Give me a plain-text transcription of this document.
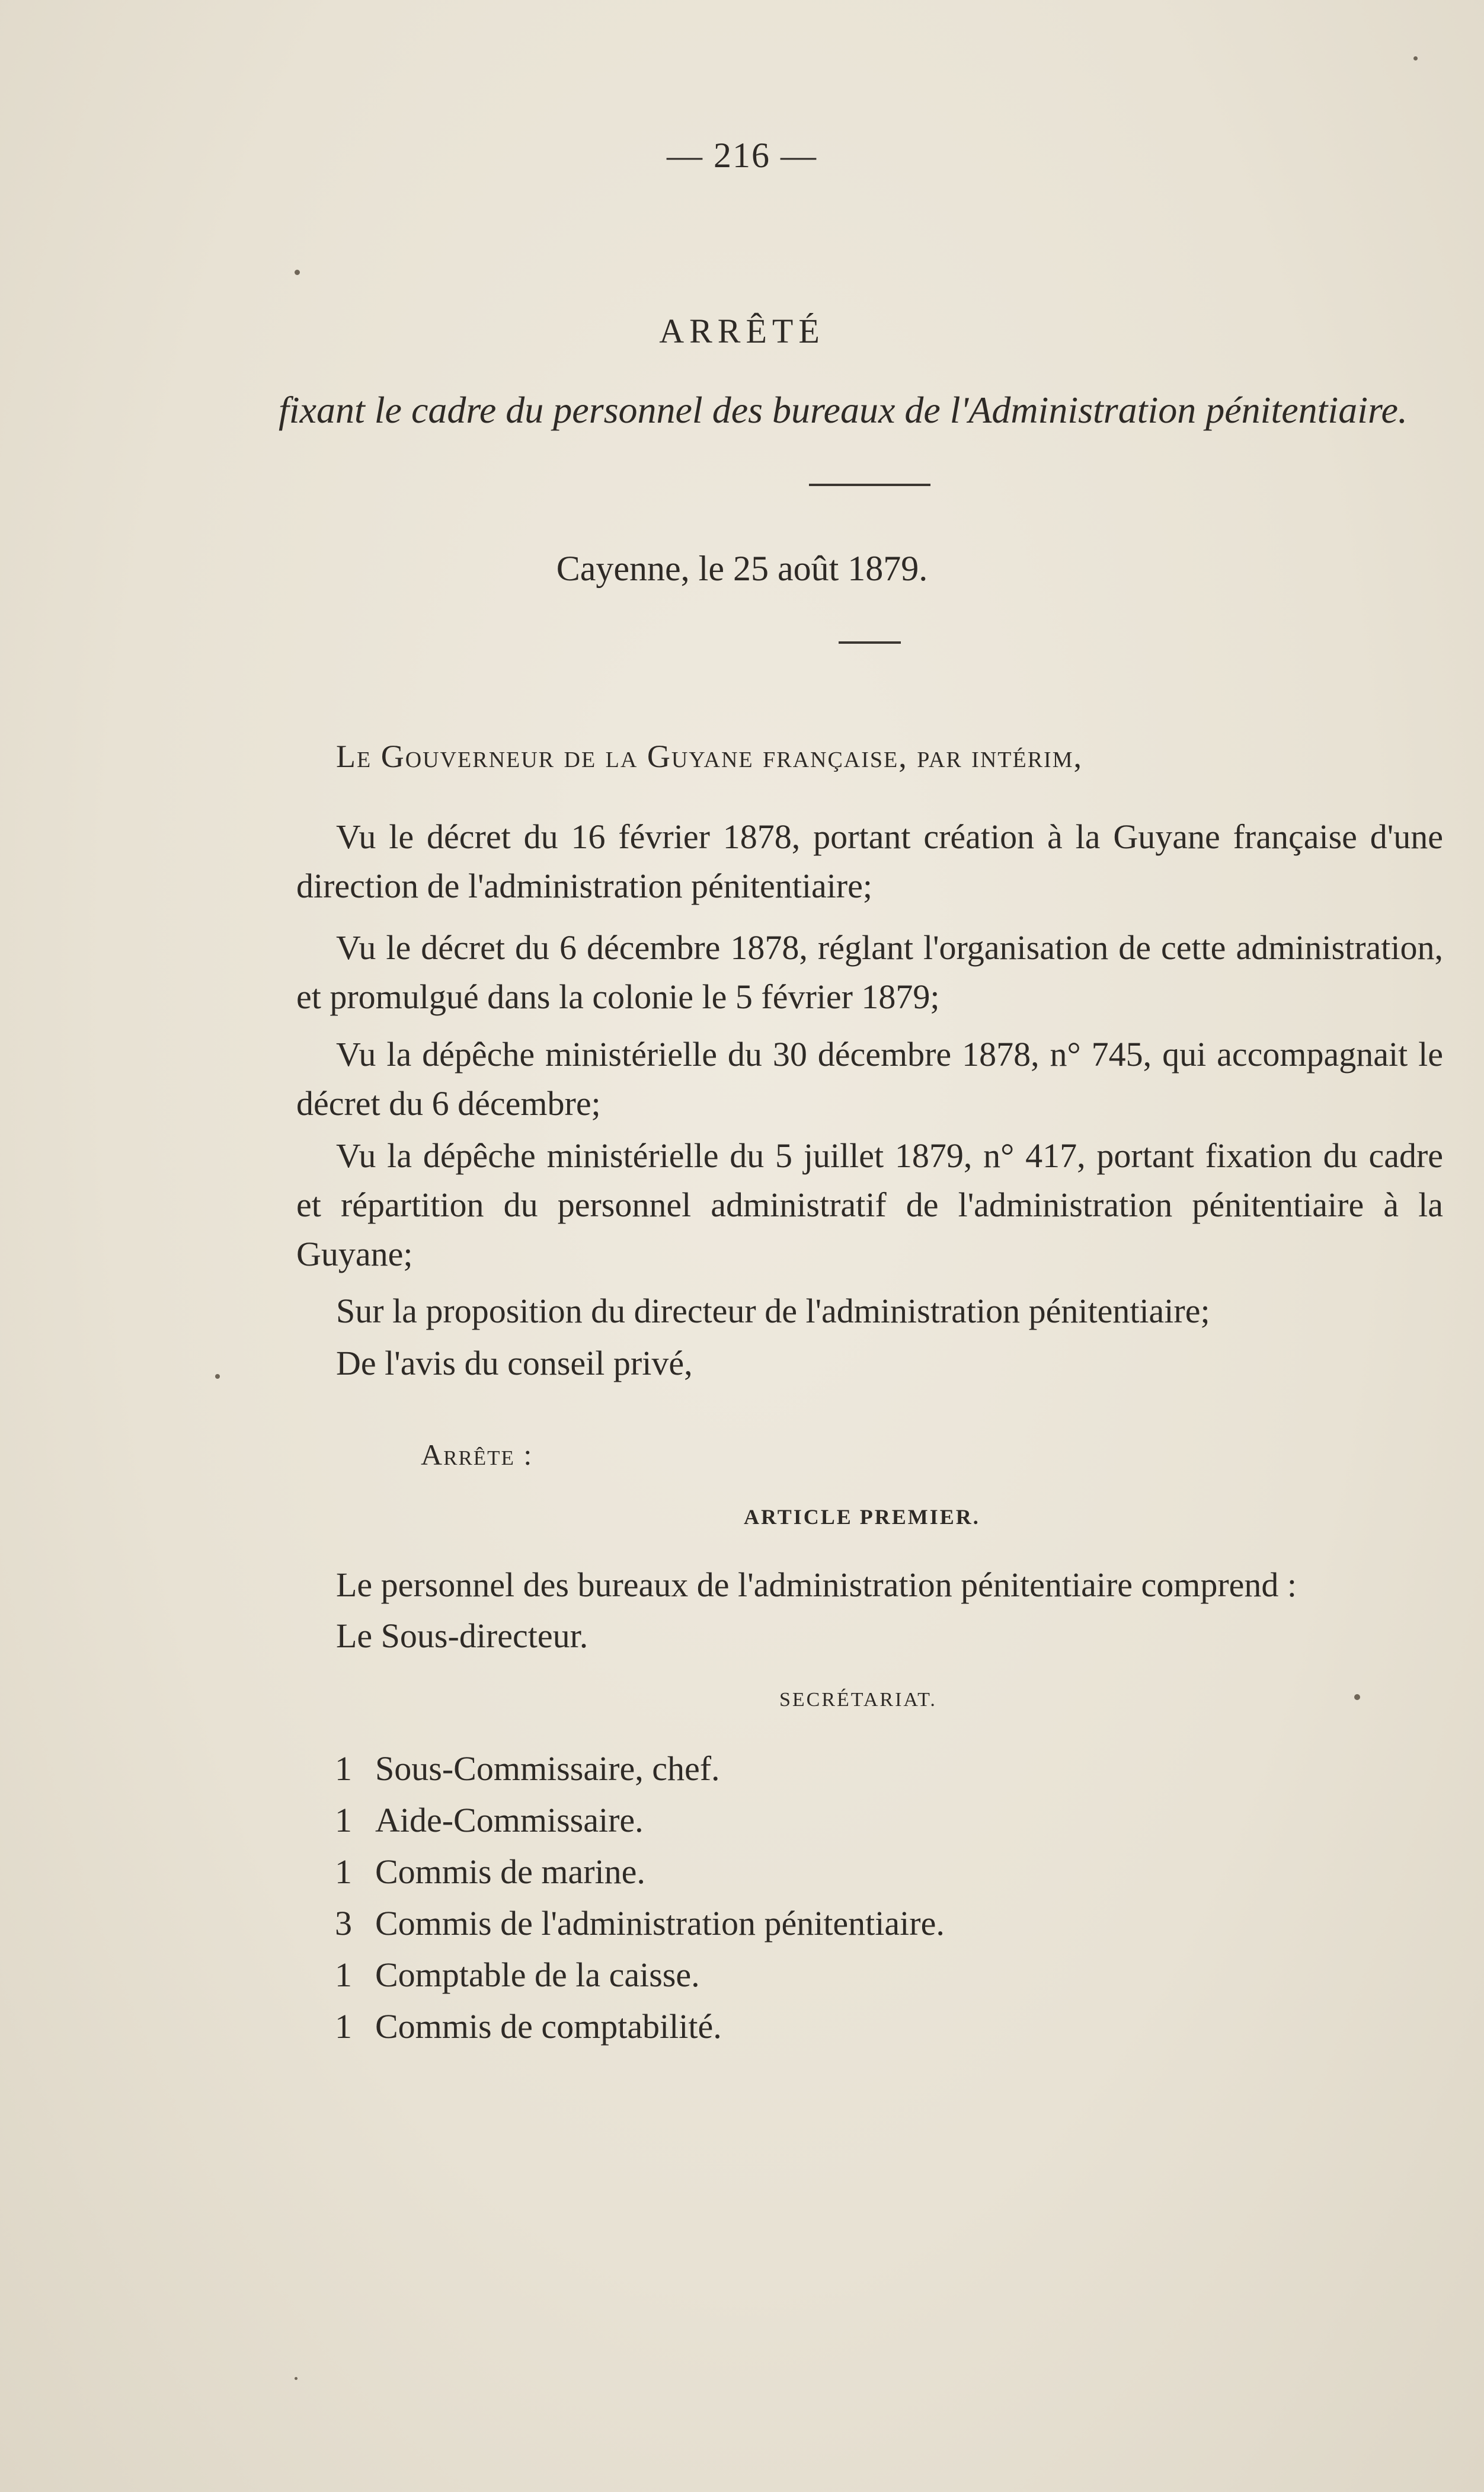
— 216 —

ARRÊTÉ

fixant le cadre du personnel des bureaux de l'Administration pénitentiaire.

Cayenne, le 25 août 1879.

Le Gouverneur de la Guyane française, par intérim,

Vu le décret du 16 février 1878, portant création à la Guyane française d'une direction de l'administration pénitentiaire;

Vu le décret du 6 décembre 1878, réglant l'organisation de cette administration, et promulgué dans la colonie le 5 février 1879;

Vu la dépêche ministérielle du 30 décembre 1878, n° 745, qui accompagnait le décret du 6 décembre;

Vu la dépêche ministérielle du 5 juillet 1879, n° 417, portant fixation du cadre et répartition du personnel administratif de l'administration pénitentiaire à la Guyane;

Sur la proposition du directeur de l'administration pénitentiaire;

De l'avis du conseil privé,

Arrête :

ARTICLE PREMIER.

Le personnel des bureaux de l'administration pénitentiaire comprend :

Le Sous-directeur.

SECRÉTARIAT.

1 Sous-Commissaire, chef.
1 Aide-Commissaire.
1 Commis de marine.
3 Commis de l'administration pénitentiaire.
1 Comptable de la caisse.
1 Commis de comptabilité.
